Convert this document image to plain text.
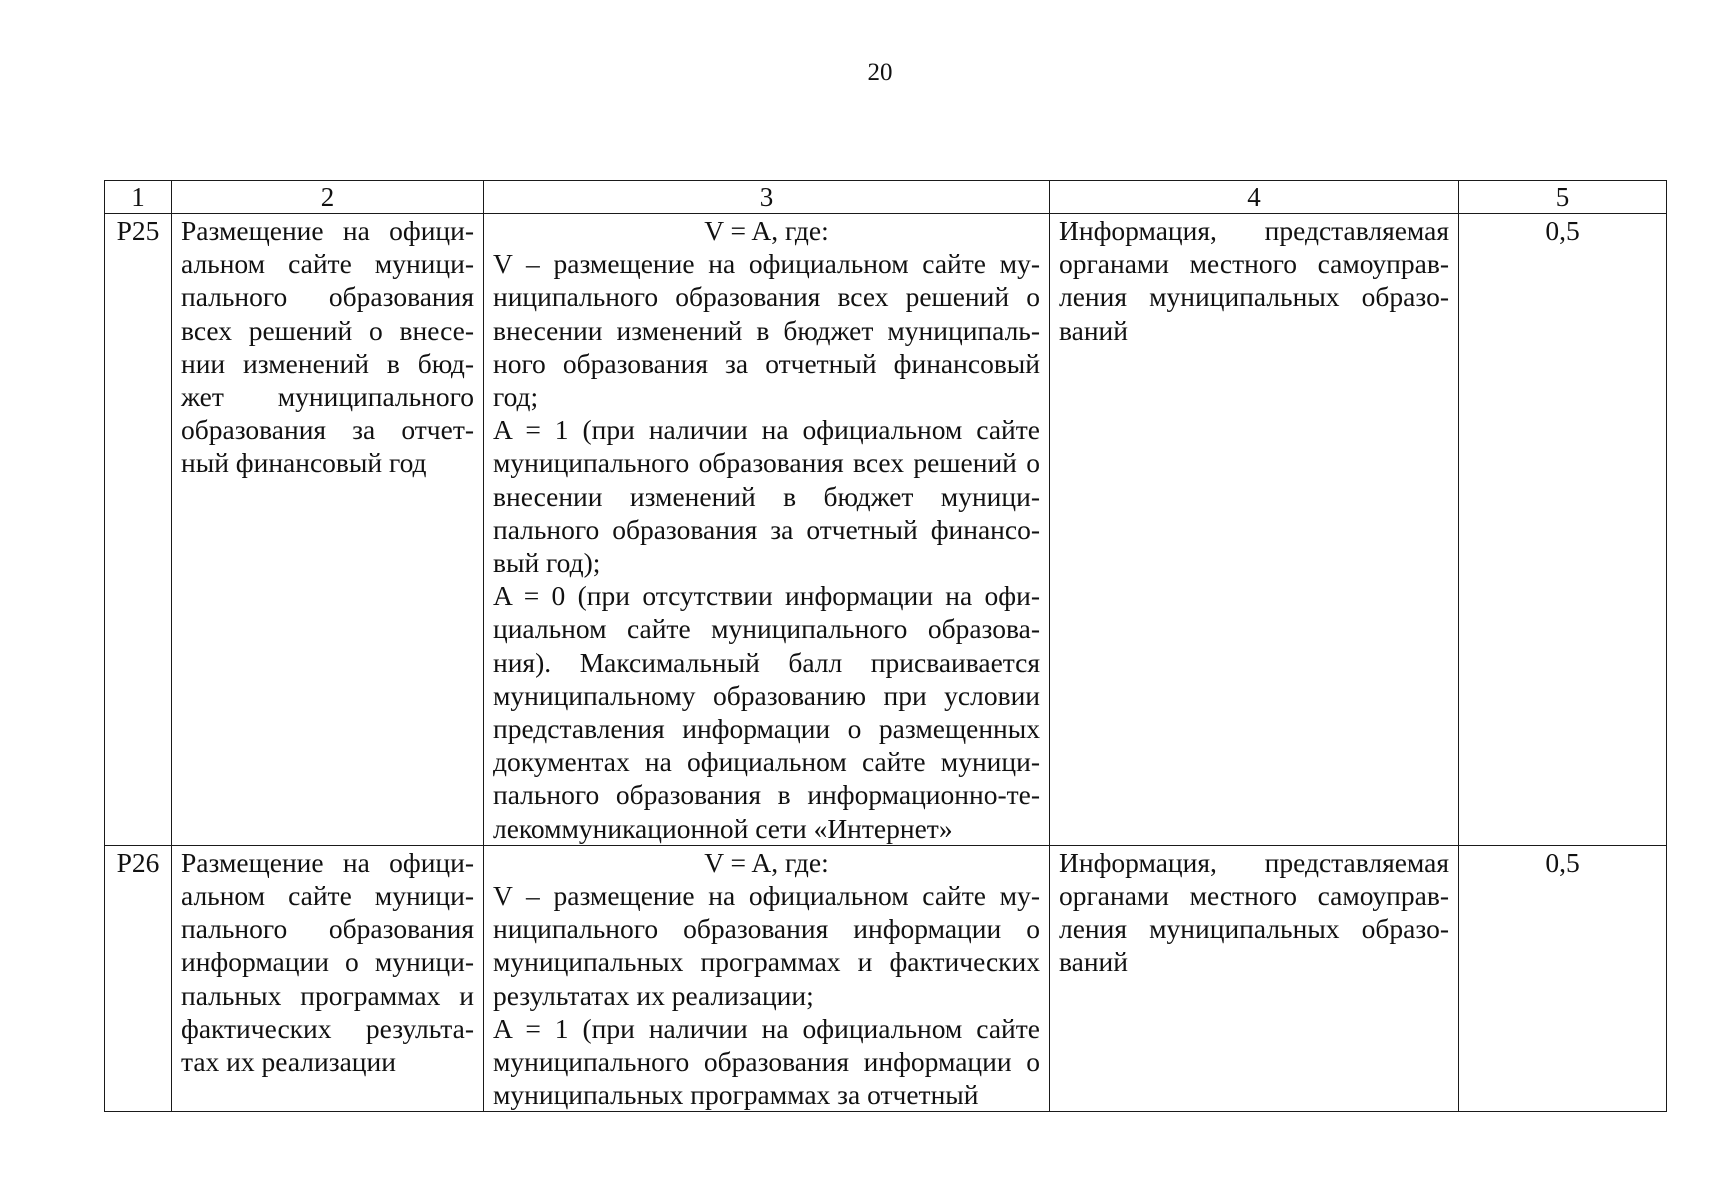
20
1	2	3	4	5
Р25	Размещение на офици-альном сайте муници-пального образования всех решений о внесе-нии изменений в бюд-жет муниципального образования за отчет-ный финансовый год	V = A, где:
V – размещение на официальном сайте му-ниципального образования всех решений о внесении изменений в бюджет муниципаль-ного образования за отчетный финансовый год;
A = 1 (при наличии на официальном сайте муниципального образования всех решений о внесении изменений в бюджет муници-пального образования за отчетный финансо-вый год);
A = 0 (при отсутствии информации на офи-циальном сайте муниципального образова-ния). Максимальный балл присваивается муниципальному образованию при условии представления информации о размещенных документах на официальном сайте муници-пального образования в информационно-те-лекоммуникационной сети «Интернет»	Информация, представляемая органами местного самоуправ-ления муниципальных образо-ваний	0,5
Р26	Размещение на офици-альном сайте муници-пального образования информации о муници-пальных программах и фактических результа-тах их реализации	V = A, где:
V – размещение на официальном сайте му-ниципального образования информации о муниципальных программах и фактических результатах их реализации;
A = 1 (при наличии на официальном сайте муниципального образования информации о муниципальных программах за отчетный	Информация, представляемая органами местного самоуправ-ления муниципальных образо-ваний	0,5
